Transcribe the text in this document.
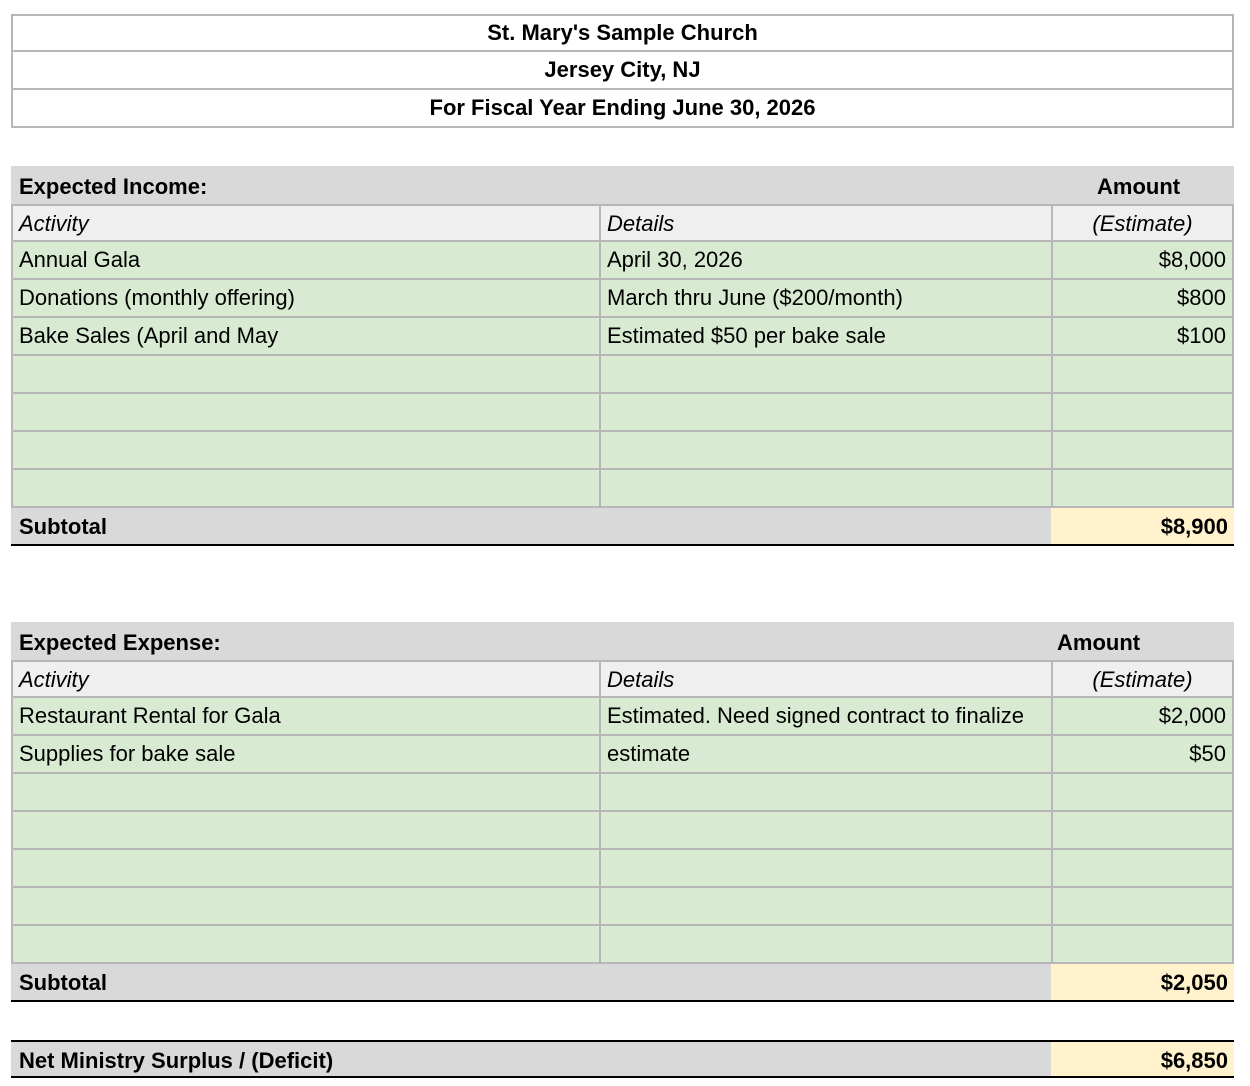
St. Mary's Sample Church
Jersey City, NJ
For Fiscal Year Ending June 30, 2026
Expected Income:	Amount
Activity	Details	(Estimate)
Annual Gala	April 30, 2026	$8,000
Donations (monthly offering)	March thru June ($200/month)	$800
Bake Sales (April and May	Estimated $50 per bake sale	$100
Subtotal	$8,900
Expected Expense:	Amount
Activity	Details	(Estimate)
Restaurant Rental for Gala	Estimated. Need signed contract to finalize	$2,000
Supplies for bake sale	estimate	$50
Subtotal	$2,050
Net Ministry Surplus / (Deficit)	$6,850
